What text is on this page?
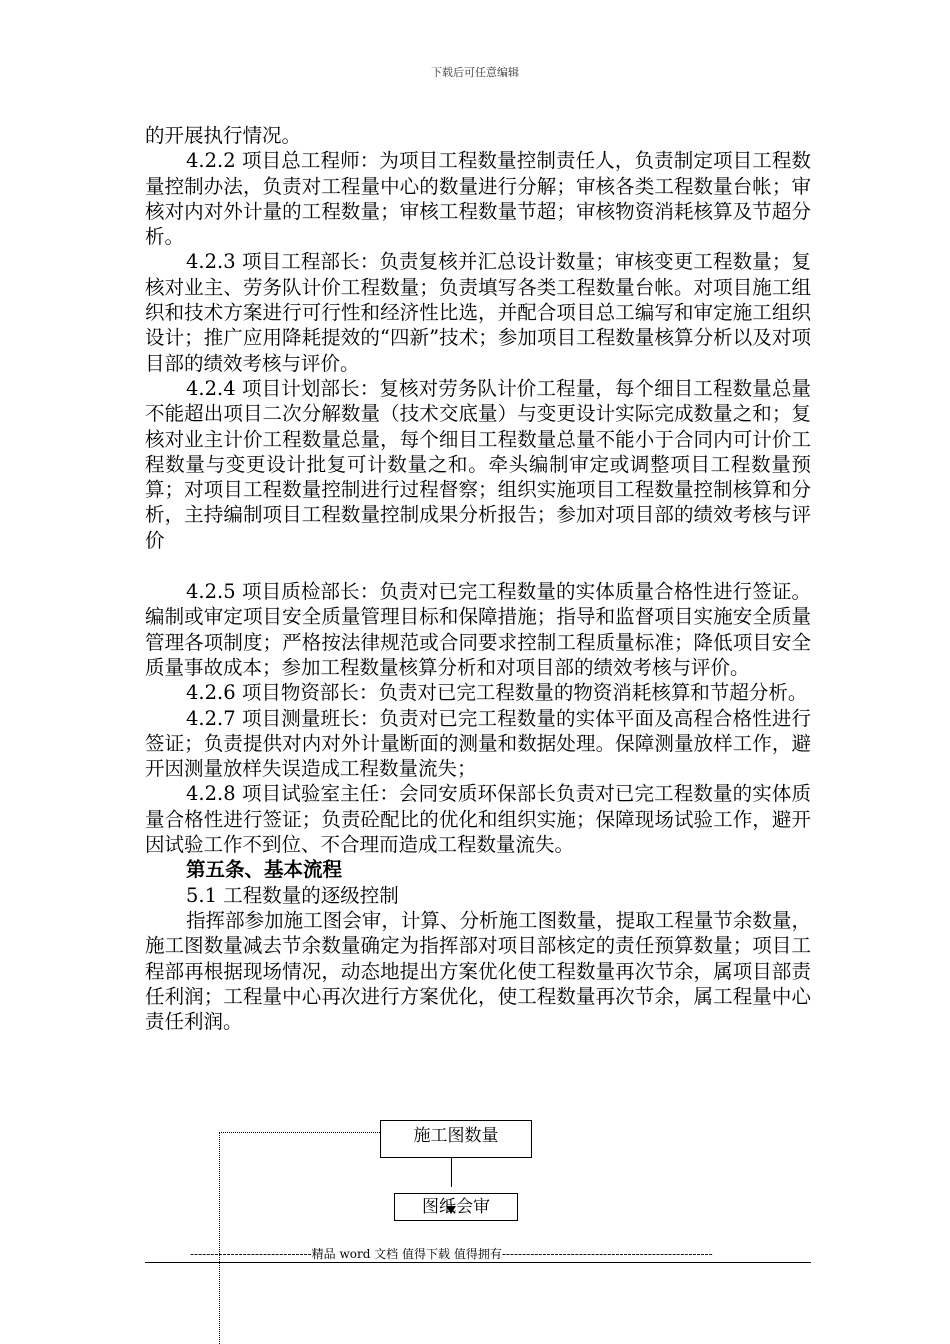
下载后可任意编辑

的开展执行情况。

4.2.2 项目总工程师：为项目工程数量控制责任人，负责制定项目工程数量控制办法，负责对工程量中心的数量进行分解；审核各类工程数量台帐；审核对内对外计量的工程数量；审核工程数量节超；审核物资消耗核算及节超分析。

4.2.3 项目工程部长：负责复核并汇总设计数量；审核变更工程数量；复核对业主、劳务队计价工程数量；负责填写各类工程数量台帐。对项目施工组织和技术方案进行可行性和经济性比选，并配合项目总工编写和审定施工组织设计；推广应用降耗提效的“四新”技术；参加项目工程数量核算分析以及对项目部的绩效考核与评价。

4.2.4 项目计划部长：复核对劳务队计价工程量，每个细目工程数量总量不能超出项目二次分解数量（技术交底量）与变更设计实际完成数量之和；复核对业主计价工程数量总量，每个细目工程数量总量不能小于合同内可计价工程数量与变更设计批复可计数量之和。牵头编制审定或调整项目工程数量预算；对项目工程数量控制进行过程督察；组织实施项目工程数量控制核算和分析，主持编制项目工程数量控制成果分析报告；参加对项目部的绩效考核与评价

4.2.5 项目质检部长：负责对已完工程数量的实体质量合格性进行签证。编制或审定项目安全质量管理目标和保障措施；指导和监督项目实施安全质量管理各项制度；严格按法律规范或合同要求控制工程质量标准；降低项目安全质量事故成本；参加工程数量核算分析和对项目部的绩效考核与评价。

4.2.6 项目物资部长：负责对已完工程数量的物资消耗核算和节超分析。

4.2.7 项目测量班长：负责对已完工程数量的实体平面及高程合格性进行签证；负责提供对内对外计量断面的测量和数据处理。保障测量放样工作，避开因测量放样失误造成工程数量流失；

4.2.8 项目试验室主任：会同安质环保部长负责对已完工程数量的实体质量合格性进行签证；负责砼配比的优化和组织实施；保障现场试验工作，避开因试验工作不到位、不合理而造成工程数量流失。

第五条、基本流程

5.1 工程数量的逐级控制

指挥部参加施工图会审，计算、分析施工图数量，提取工程量节余数量，施工图数量减去节余数量确定为指挥部对项目部核定的责任预算数量；项目工程部再根据现场情况，动态地提出方案优化使工程数量再次节余，属项目部责任利润；工程量中心再次进行方案优化，使工程数量再次节余，属工程量中心责任利润。

施工图数量
图纸会审
------------------------------精品 word 文档 值得下载 值得拥有----------------------------------------------------
